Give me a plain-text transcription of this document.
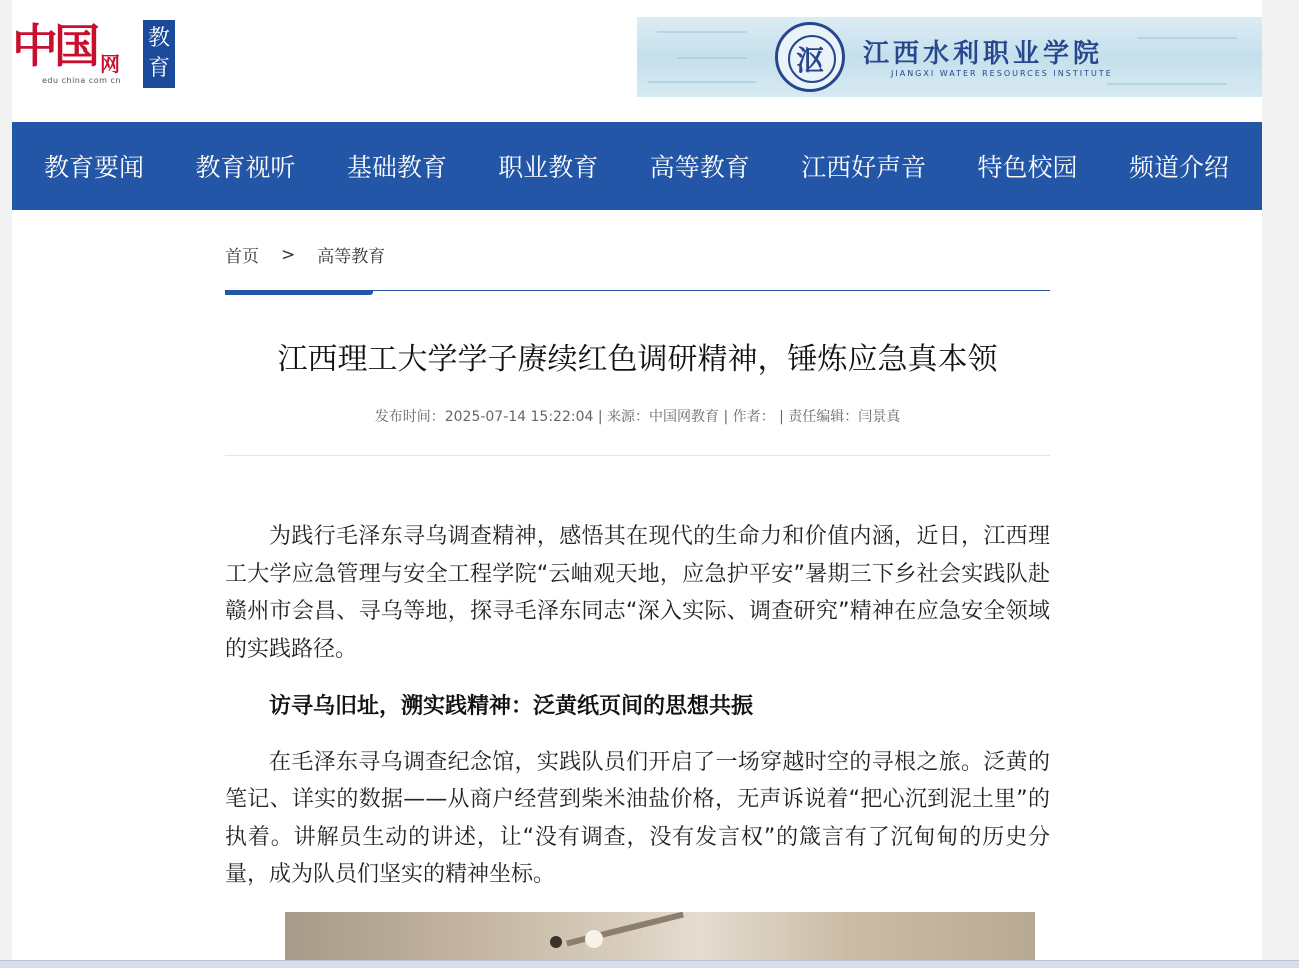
中国 网
edu china com cn
教
育	沤	江西水利职业学院
JIANGXI WATER RESOURCES INSTITUTE
教育要闻 教育视听 基础教育 职业教育 高等教育 江西好声音 特色校园 频道介绍
首页 > 高等教育
江西理工大学学子赓续红色调研精神，锤炼应急真本领
发布时间：2025-07-14 15:22:04 | 来源：中国网教育 | 作者： | 责任编辑：闫景真

为践行毛泽东寻乌调查精神，感悟其在现代的生命力和价值内涵，近日，江西理工大学应急管理与安全工程学院“云岫观天地，应急护平安”暑期三下乡社会实践队赴赣州市会昌、寻乌等地，探寻毛泽东同志“深入实际、调查研究”精神在应急安全领域的实践路径。

访寻乌旧址，溯实践精神：泛黄纸页间的思想共振

在毛泽东寻乌调查纪念馆，实践队员们开启了一场穿越时空的寻根之旅。泛黄的笔记、详实的数据——从商户经营到柴米油盐价格，无声诉说着“把心沉到泥土里”的执着。讲解员生动的讲述，让“没有调查，没有发言权”的箴言有了沉甸甸的历史分量，成为队员们坚实的精神坐标。
